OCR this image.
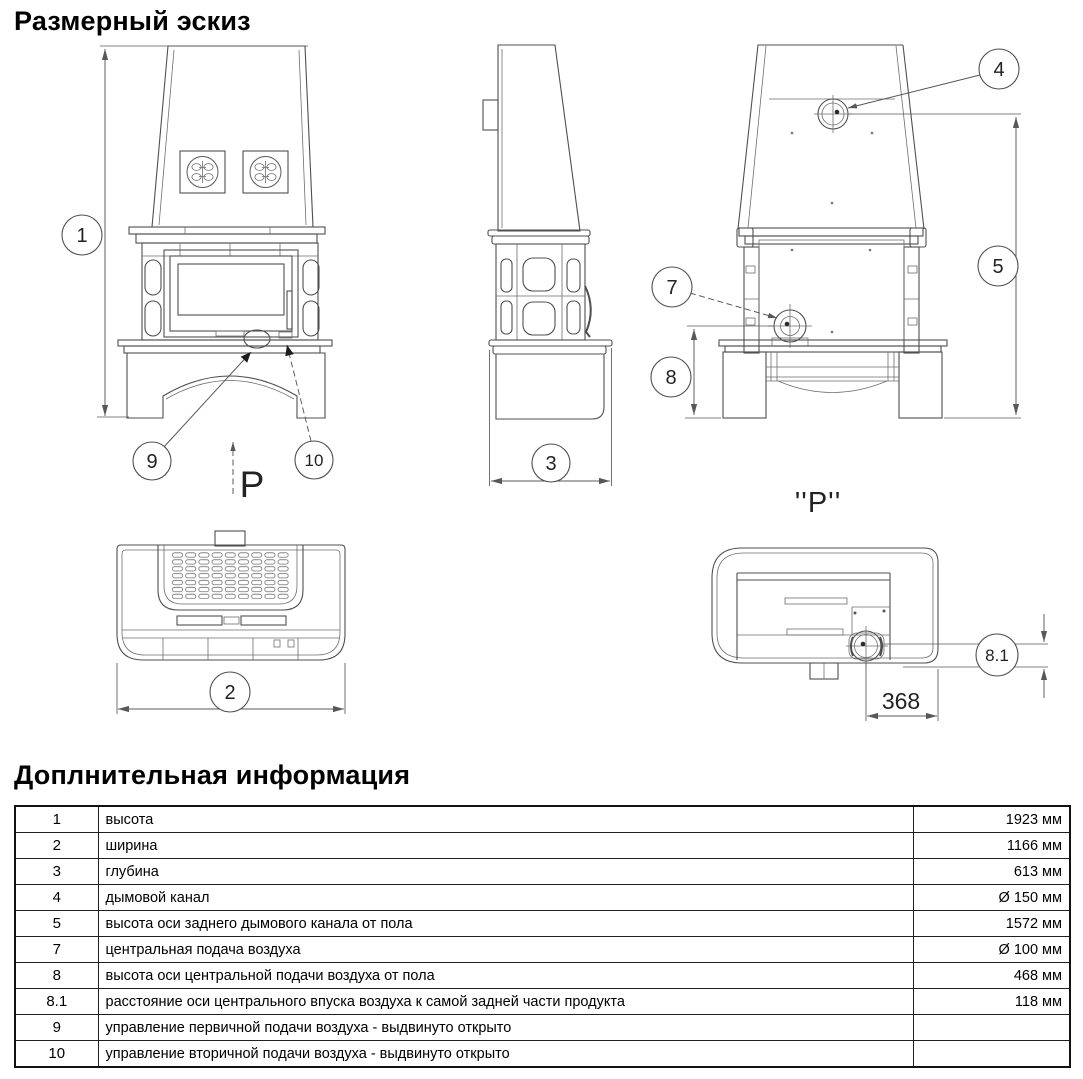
Размерный эскиз
1
9	10
P	3
4
5
7
8
''P''
2	368
8.1
Доплнительная информация
1	высота	1923 мм
2	ширина	1166 мм
3	глубина	613 мм
4	дымовой канал	Ø 150 мм
5	высота оси заднего дымового канала от пола	1572 мм
7	центральная подача воздуха	Ø 100 мм
8	высота оси центральной подачи воздуха от пола	468 мм
8.1	расстояние оси центрального впуска воздуха к самой задней части продукта	118 мм
9	управление первичной подачи воздуха - выдвинуто открыто	
10	управление вторичной подачи воздуха - выдвинуто открыто	
